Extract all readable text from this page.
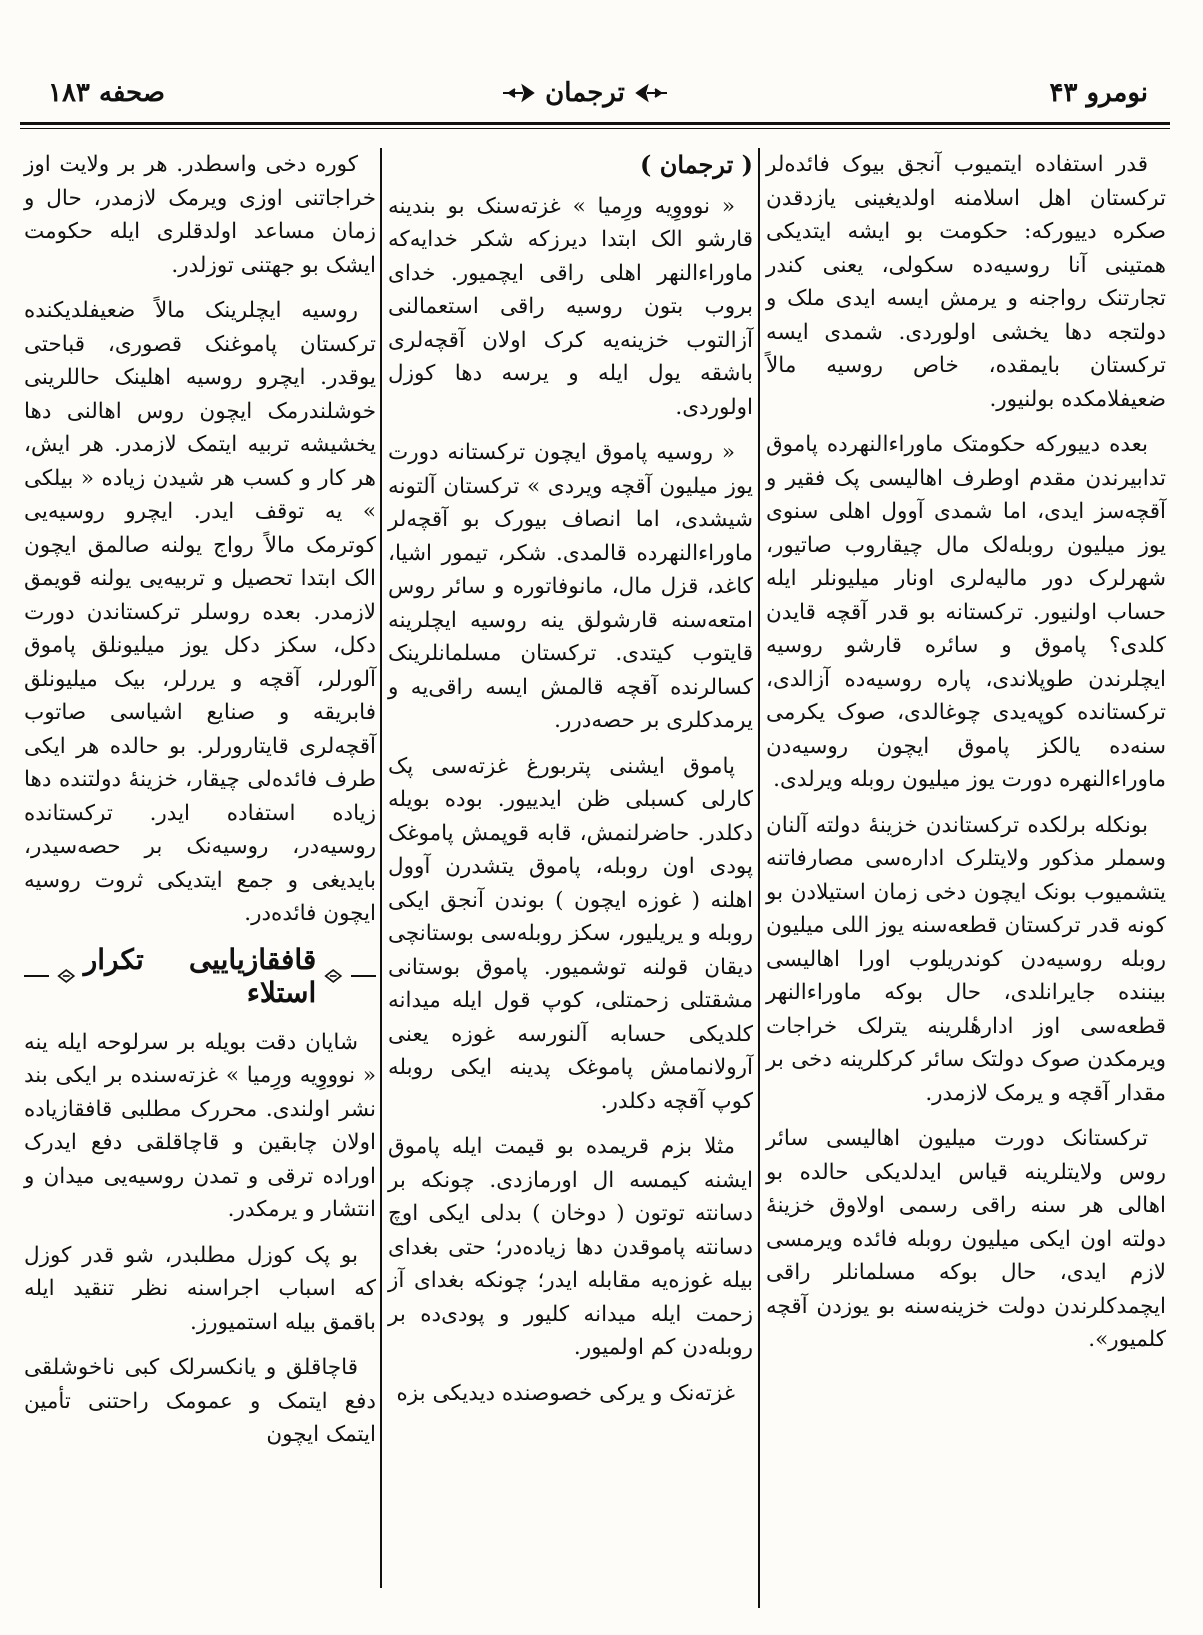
صحفه ۱۸۳	ترجمان	نومرو ۴۳

قدر استفاده ایتمیوب آنجق بیوک فائده‌لر ترکستان اهل اسلامنه اولدیغینی یازدقدن صکره دییورکه: حکومت بو ایشه ایتدیکی همتینی آنا روسیه‌ده سکولی، یعنی کندر تجارتنک رواجنه و یرمش ایسه ایدی ملک و دولتجه دها یخشی اولوردی. شمدی ایسه ترکستان بایمقده، خاص روسیه مالاً ضعیفلامکده بولنیور.

بعده دییورکه حکومتک ماوراءالنهرده پاموق تدابیرندن مقدم اوطرف اهالیسی پک فقیر و آقچه‌سز ایدی، اما شمدی آوول اهلی سنوی یوز میلیون روبله‌لک مال چیقاروب صاتیور، شهرلرک دور مالیه‌لری اونار میلیونلر ایله حساب اولنیور. ترکستانه بو قدر آقچه قایدن کلدی؟ پاموق و سائره قارشو روسیه ایچلرندن طوپلاندی، پاره روسیه‌ده آزالدی، ترکستانده کوپه‌یدی چوغالدی، صوک یکرمی سنه‌ده یالکز پاموق ایچون روسیه‌دن ماوراءالنهره دورت یوز میلیون روبله ویرلدی.

بونکله برلکده ترکستاندن خزینهٔ دولته آلنان وسملر مذکور ولایتلرک اداره‌سی مصارفاتنه یتشمیوب بونک ایچون دخی زمان استیلادن بو کونه قدر ترکستان قطعه‌سنه یوز اللی میلیون روبله روسیه‌دن کوندریلوب اورا اهالیسی بیننده جایرانلدی، حال بوکه ماوراءالنهر قطعه‌سی اوز ادارهٔلرینه یترلک خراجات ویرمکدن صوک دولتک سائر کرکلرینه دخی بر مقدار آقچه و یرمک لازمدر.

ترکستانک دورت میلیون اهالیسی سائر روس ولایتلرینه قیاس ایدلدیکی حالده بو اهالی هر سنه راقی رسمی اولاوق خزینهٔ دولته اون ایکی میلیون روبله فائده ویرمسی لازم ایدی، حال بوکه مسلمانلر راقی ایچمدکلرندن دولت خزینه‌سنه بو یوزدن آقچه کلمیور».

( ترجمان )

« نوووِیه ورِمیا » غزته‌سنک بو بندینه قارشو الک ابتدا دیرزکه شکر خدایه‌که ماوراءالنهر اهلی راقی ایچمیور. خدای بروب بتون روسیه راقی استعمالنی آزالتوب خزینه‌یه کرک اولان آقچه‌لری باشقه یول ایله و یرسه دها کوزل اولوردی.

« روسیه پاموق ایچون ترکستانه دورت یوز میلیون آقچه ویردی » ترکستان آلتونه شیشدی، اما انصاف بیورک بو آقچه‌لر ماوراءالنهرده قالمدی. شکر، تیمور اشیا، کاغد، قزل مال، مانوفاتوره و سائر روس امتعه‌سنه قارشولق ینه روسیه ایچلرینه قایتوب کیتدی. ترکستان مسلمانلرینک کسالرنده آقچه قالمش ایسه راقی‌یه و یرمدکلری بر حصه‌درر.

پاموق ایشنی پتربورغ غزته‌سی پک کارلی کسبلی ظن ایدییور. بوده بویله دکلدر. حاضرلنمش، قابه قوپمش پاموغک پودی اون روبله، پاموق یتشدرن آوول اهلنه ( غوزه ایچون ) بوندن آنجق ایکی روبله و یریلیور، سکز روبله‌سی بوستانچی دیقان قولنه توشمیور. پاموق بوستانی مشقتلی زحمتلی، کوپ قول ایله میدانه کلدیکی حسابه آلنورسه غوزه یعنی آرولانمامش پاموغک پدینه ایکی روبله کوپ آقچه دکلدر.

مثلا بزم قریمده بو قیمت ایله پاموق ایشنه کیمسه ال اورمازدی. چونکه بر دسانته توتون ( دوخان ) بدلی ایکی اوچ دسانته پاموقدن دها زیاده‌در؛ حتی بغدای بیله غوزه‌یه مقابله ایدر؛ چونکه بغدای آز زحمت ایله میدانه کلیور و پودی‌ده بر روبله‌دن کم اولمیور.

غزته‌نک و یرکی خصوصنده دیدیکی بزه

کوره دخی واسطدر. هر بر ولایت اوز خراجاتنی اوزی ویرمک لازمدر، حال و زمان مساعد اولدقلری ایله حکومت ایشک بو جهتنی توزلدر.

روسیه ایچلرینک مالاً ضعیفلدیکنده ترکستان پاموغنک قصوری، قباحتی یوقدر. ایچرو روسیه اهلینک حاللرینی خوشلندرمک ایچون روس اهالنی دها یخشیشه تربیه ایتمک لازمدر. هر ایش، هر کار و کسب هر شیدن زیاده « بیلکی » یه توقف ایدر. ایچرو روسیه‌یی کوترمک مالاً رواج یولنه صالمق ایچون الک ابتدا تحصیل و تربیه‌یی یولنه قویمق لازمدر. بعده روسلر ترکستاندن دورت دکل، سکز دکل یوز میلیونلق پاموق آلورلر، آقچه و یررلر، بیک میلیونلق فابریقه و صنایع اشیاسی صاتوب آقچه‌لری قایتارورلر. بو حالده هر ایکی طرف فائده‌لی چیقار، خزینهٔ دولتنده دها زیاده استفاده ایدر. ترکستانده روسیه‌در، روسیه‌نک بر حصه‌سیدر، بایدیغی و جمع ایتدیکی ثروت روسیه ایچون فائده‌در.

قافقازیاییی تکرار استلاء

شایان دقت بویله بر سرلوحه ایله ینه « نوووِیه ورِمیا » غزته‌سنده بر ایکی بند نشر اولندی. محررک مطلبی قافقازیاده اولان چابقین و قاچاقلقی دفع ایدرک اوراده ترقی و تمدن روسیه‌یی میدان و انتشار و یرمکدر.

بو پک کوزل مطلبدر، شو قدر کوزل که اسباب اجراسنه نظر تنقید ایله باقمق بیله استمیورز.

قاچاقلق و یانکسرلک کبی ناخوشلقی دفع ایتمک و عمومک راحتنی تأمین ایتمک ایچون
